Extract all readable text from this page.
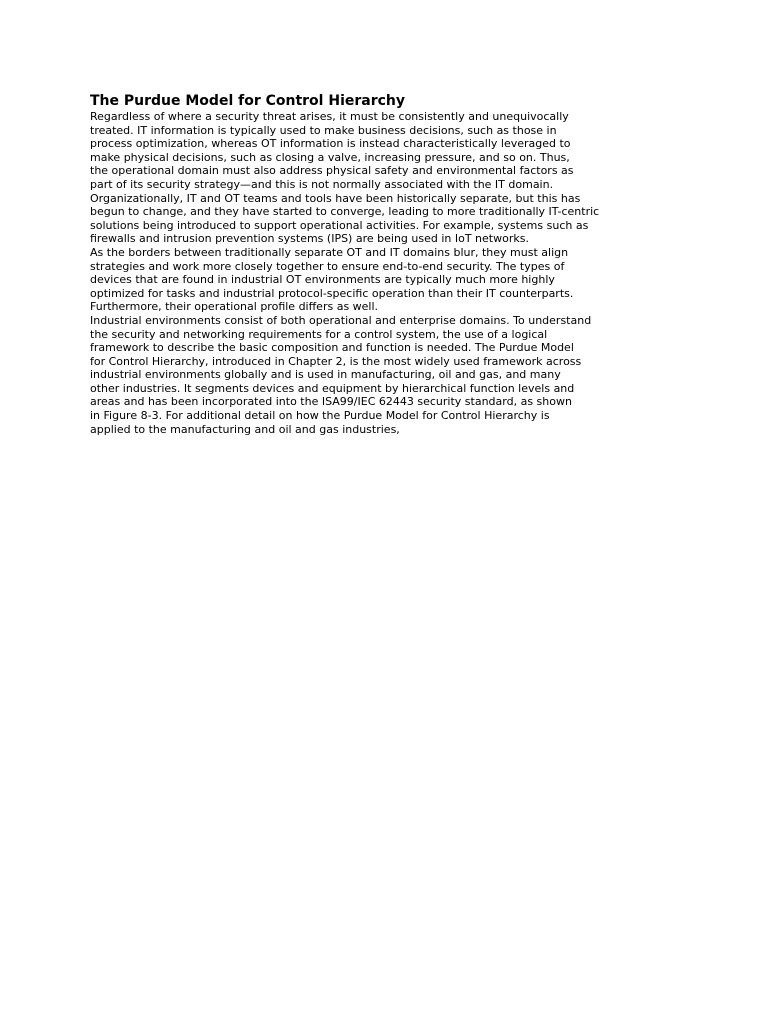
The Purdue Model for Control Hierarchy
Regardless of where a security threat arises, it must be consistently and unequivocally
treated. IT information is typically used to make business decisions, such as those in
process optimization, whereas OT information is instead characteristically leveraged to
make physical decisions, such as closing a valve, increasing pressure, and so on. Thus,
the operational domain must also address physical safety and environmental factors as
part of its security strategy—and this is not normally associated with the IT domain.
Organizationally, IT and OT teams and tools have been historically separate, but this has
begun to change, and they have started to converge, leading to more traditionally IT-centric
solutions being introduced to support operational activities. For example, systems such as
firewalls and intrusion prevention systems (IPS) are being used in IoT networks.
As the borders between traditionally separate OT and IT domains blur, they must align
strategies and work more closely together to ensure end-to-end security. The types of
devices that are found in industrial OT environments are typically much more highly
optimized for tasks and industrial protocol-specific operation than their IT counterparts.
Furthermore, their operational profile differs as well.
Industrial environments consist of both operational and enterprise domains. To understand
the security and networking requirements for a control system, the use of a logical
framework to describe the basic composition and function is needed. The Purdue Model
for Control Hierarchy, introduced in Chapter 2, is the most widely used framework across
industrial environments globally and is used in manufacturing, oil and gas, and many
other industries. It segments devices and equipment by hierarchical function levels and
areas and has been incorporated into the ISA99/IEC 62443 security standard, as shown
in Figure 8-3. For additional detail on how the Purdue Model for Control Hierarchy is
applied to the manufacturing and oil and gas industries,
